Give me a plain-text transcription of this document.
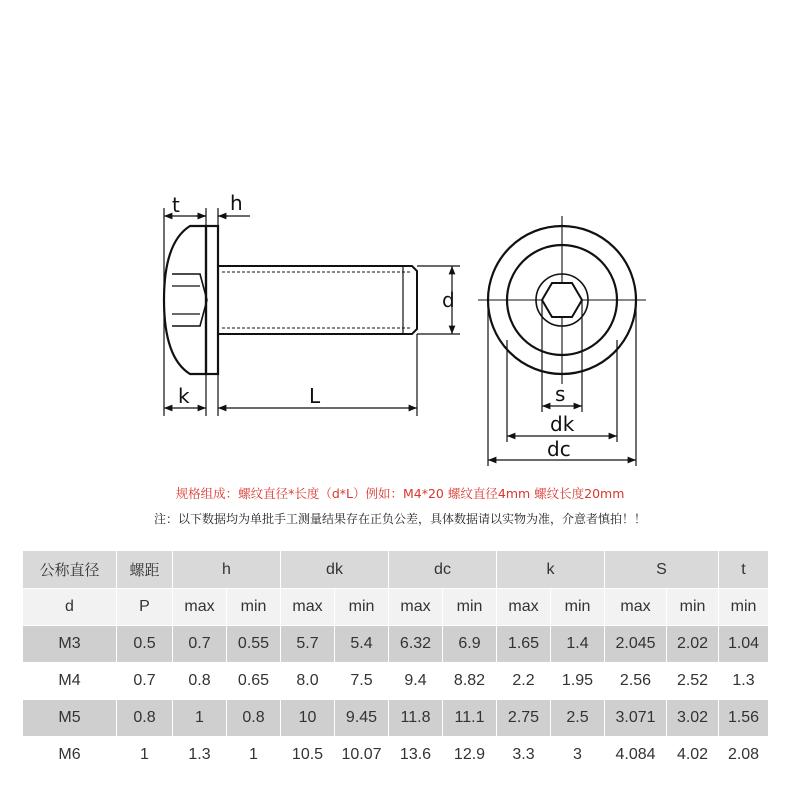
t	h
k	L
d
s
dk
dc
规格组成：螺纹直径*长度（d*L）例如：M4*20 螺纹直径4mm 螺纹长度20mm
注：以下数据均为单批手工测量结果存在正负公差，具体数据请以实物为准，介意者慎拍！！
公称直径	螺距	h		dk		dc		k		S		t
d	P	max	min	max	min	max	min	max	min	max	min	min
M3	0.5	0.7	0.55	5.7	5.4	6.32	6.9	1.65	1.4	2.045	2.02	1.04
M4	0.7	0.8	0.65	8.0	7.5	9.4	8.82	2.2	1.95	2.56	2.52	1.3
M5	0.8	1	0.8	10	9.45	11.8	11.1	2.75	2.5	3.071	3.02	1.56
M6	1	1.3	1	10.5	10.07	13.6	12.9	3.3	3	4.084	4.02	2.08
